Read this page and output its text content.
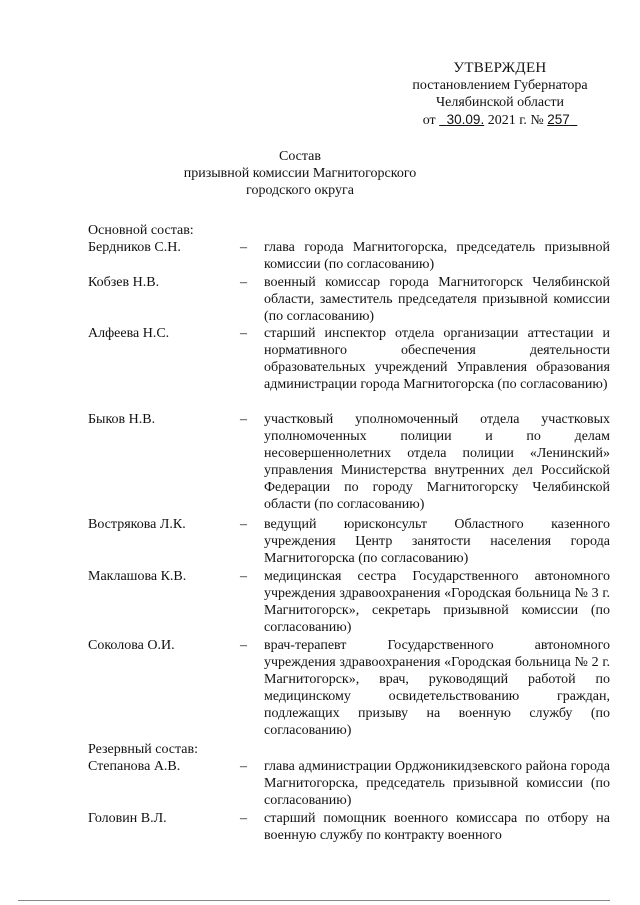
УТВЕРЖДЕН
постановлением Губернатора
Челябинской области
от 30.09. 2021 г. № 257
Состав
призывной комиссии Магнитогорского
городского округа
Основной состав:
Бердников С.Н.	– глава города Магнитогорска, председатель призывной комиссии (по согласованию)
Кобзев Н.В.	– военный комиссар города Магнитогорск Челябинской области, заместитель председателя призывной комиссии (по согласованию)
Алфеева Н.С.	– старший инспектор отдела организации аттестации и нормативного обеспечения деятельности образовательных учреждений Управления образования администрации города Магнитогорска (по согласованию)
Быков Н.В.	– участковый уполномоченный отдела участковых уполномоченных полиции и по делам несовершеннолетних отдела полиции «Ленинский» управления Министерства внутренних дел Российской Федерации по городу Магнитогорску Челябинской области (по согласованию)
Вострякова Л.К.	– ведущий юрисконсульт Областного казенного учреждения Центр занятости населения города Магнитогорска (по согласованию)
Маклашова К.В.	– медицинская сестра Государственного автономного учреждения здравоохранения «Городская больница № 3 г. Магнитогорск», секретарь призывной комиссии (по согласованию)
Соколова О.И.	– врач-терапевт Государственного автономного учреждения здравоохранения «Городская больница № 2 г. Магнитогорск», врач, руководящий работой по медицинскому освидетельствованию граждан, подлежащих призыву на военную службу (по согласованию)
Резервный состав:
Степанова А.В.	– глава администрации Орджоникидзевского района города Магнитогорска, председатель призывной комиссии (по согласованию)
Головин В.Л.	– старший помощник военного комиссара по отбору на военную службу по контракту военного
